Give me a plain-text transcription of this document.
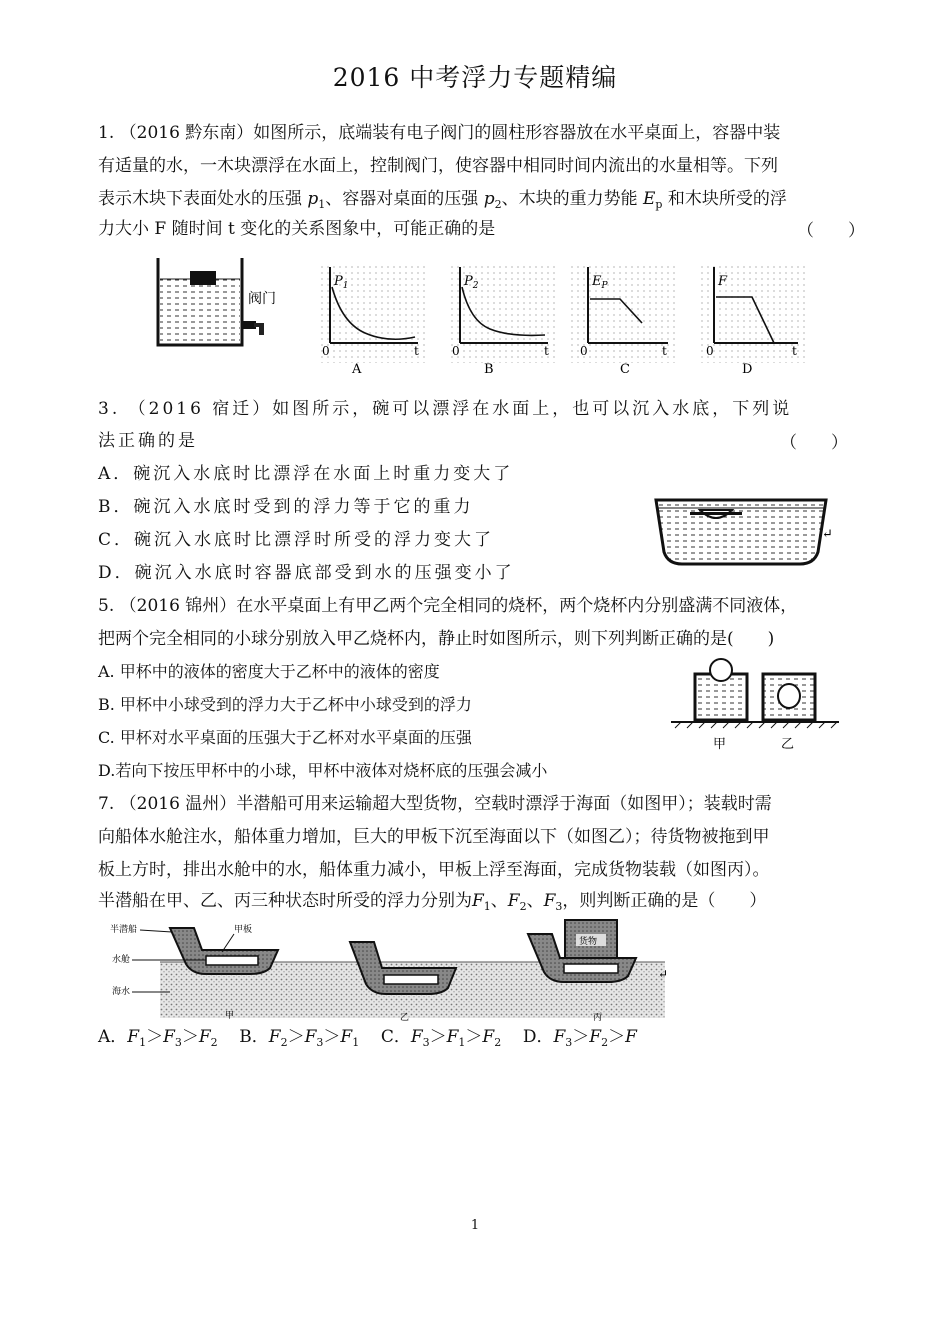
2016 中考浮力专题精编
1. （2016 黔东南）如图所示，底端装有电子阀门的圆柱形容器放在水平桌面上，容器中装
有适量的水，一木块漂浮在水面上，控制阀门，使容器中相同时间内流出的水量相等。下列
表示木块下表面处水的压强 $p_1$、容器对桌面的压强 $p_2$、木块的重力势能 $E_p$ 和木块所受的浮
力大小 F 随时间 t 变化的关系图象中，可能正确的是	（　　）
阀门
$P_1$
0	t
A
$P_2$
0	t
B
$E_P$
0	t
C
F
0	t
D
3. （2016 宿迁）如图所示，碗可以漂浮在水面上，也可以沉入水底，下列说
法正确的是	（　　）
A．碗沉入水底时比漂浮在水面上时重力变大了
B．碗沉入水底时受到的浮力等于它的重力
C．碗沉入水底时比漂浮时所受的浮力变大了
D．碗沉入水底时容器底部受到水的压强变小了
↵
5. （2016 锦州）在水平桌面上有甲乙两个完全相同的烧杯，两个烧杯内分别盛满不同液体，
把两个完全相同的小球分别放入甲乙烧杯内，静止时如图所示，则下列判断正确的是(　　)
A. 甲杯中的液体的密度大于乙杯中的液体的密度
B. 甲杯中小球受到的浮力大于乙杯中小球受到的浮力
C. 甲杯对水平桌面的压强大于乙杯对水平桌面的压强
D.若向下按压甲杯中的小球，甲杯中液体对烧杯底的压强会减小
甲	乙
7. （2016 温州）半潜船可用来运输超大型货物，空载时漂浮于海面（如图甲）；装载时需
向船体水舱注水，船体重力增加，巨大的甲板下沉至海面以下（如图乙）；待货物被拖到甲
板上方时，排出水舱中的水，船体重力减小，甲板上浮至海面，完成货物装载（如图丙）。
半潜船在甲、乙、丙三种状态时所受的浮力分别为$F_1$、$F_2$、$F_3$，则判断正确的是（　　）
货物
半潜船
水舱
海水
甲板
甲	乙	丙
↵
A．$F_1>F_3>F_2$ B．$F_2>F_3>F_1$ C．$F_3>F_1>F_2$ D．$F_3>F_2>F$
1
